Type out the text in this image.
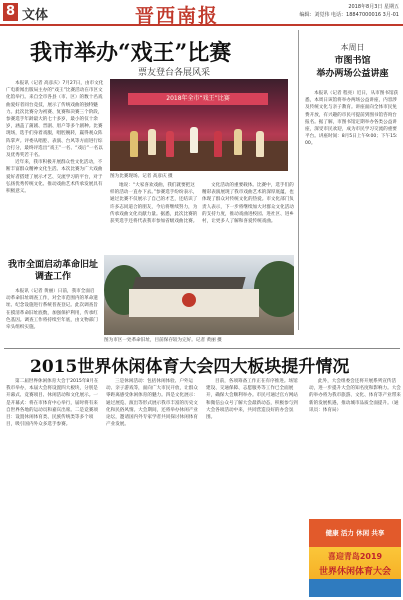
8 文体	晋西南报	2018年8月3日 星期五
编辑：刘觉伟 电话：18847000016 3月-01
我市举办“戏王”比赛
票友登台各展风采

本报讯（记者 高彦庆）7月27日，由市文化广电新闻出版局主办的“戏王”比赛活动在市区文化馆举行。来自全市各县（市、区）的数十名戏曲爱好者同台竞技，展示了传统戏曲的独特魅力。此次比赛分为初赛、复赛和决赛三个阶段，参赛选手年龄最大的七十多岁，最小的仅十余岁，涵盖了蒲剧、晋剧、眉户等多个剧种。比赛现场，选手们身着戏服，唱腔婉转，赢得观众阵阵掌声。评委从唱腔、表演、台风等方面进行综合打分，最终评选出“戏王”一名、“戏后”一名以及优秀奖若干名。

近年来，我市积极开展群众性文化活动，不断丰富群众精神文化生活。本次比赛为广大戏曲爱好者搭建了展示才艺、交流学习的平台，对于弘扬优秀传统文化、推动戏曲艺术传承发展具有积极意义。

2018年全市“戏王”比赛
图为比赛现场。记者 高彦庆 摄

地说：“大家喜欢戏曲，我们就要把这样的活动一直办下去。”参赛选手纷纷表示，通过比赛不仅展示了自己的才艺，还结识了许多志同道合的朋友，今后将继续努力，为传承戏曲文化贡献力量。据悉，此次比赛的获奖选手还将代表我市参加省级戏曲比赛。

文化活动的重要载体。比赛中，选手们的精彩表演展现了我市戏曲艺术的深厚底蕴，也体现了群众对传统文化的热爱。市文化部门负责人表示，下一步将继续加大对群众文化活动的支持力度，推动戏曲进校园、进社区、进乡村，让更多人了解和喜爱传统戏曲。

本周日
市图书馆
举办两场公益讲座

本报讯（记者 程亮）近日，从市图书馆获悉，本周日该馆将举办两场公益讲座，内容涉及传统文化与亲子教育。讲座面向全体市民免费开放，有兴趣的市民可提前到图书馆咨询台报名。据了解，市图书馆定期举办各类公益讲座，深受市民欢迎，成为市民学习交流的重要平台。讲座时间：8月5日上午9:00；下午15:00。

我市全面启动革命旧址调查工作

本报讯（记者 黄丽）日前，我市全面启动革命旧址调查工作，对全市范围内的革命遗址、纪念设施进行系统普查登记。此次调查旨在摸清革命旧址底数，加强保护利用，传承红色基因。调查工作将持续至年底，由文物部门牵头组织实施。

图为市区一处革命旧址，目前保存较为完好。记者 黄丽 摄
2015世界休闲体育大会四大板块提升情况

第二届世界休闲体育大会于2015年8月在我市举办，本届大会将设置四大板块，分别是开幕式、竞赛项目、休闲活动和文化展示。一是开幕式：将在市体育中心举行，届时将有来自世界各地的运动员和嘉宾出席。二是竞赛项目：设置休闲体育类、民族传统类等多个项目，吸引国内外众多选手参赛。

三是休闲活动：包括休闲体验、户外运动、亲子游戏等，面向广大市民开放，让群众零距离感受休闲体育的魅力。四是文化展示：通过展览、演出等形式展示我市丰富的历史文化和民俗风情。大会期间，还将举办休闲产业论坛，邀请国内外专家学者共同探讨休闲体育产业发展。

目前，各项筹备工作正在有序推进。场馆建设、交通保障、志愿服务等工作已全面展开，确保大会顺利举办。市民可通过官方网站和微信公众号了解大会最新动态，积极参与到大会各项活动中来，共同营造良好的办会氛围。

此外，大会组委会还将开展系列宣传活动，进一步提升大会的知名度和影响力。大会的举办将为我市旅游、文化、体育等产业带来新的发展机遇，推动城市品质全面提升。（通讯员：体育局）

健康 活力 休闲 共享
喜迎青岛2019
世界休闲体育大会
